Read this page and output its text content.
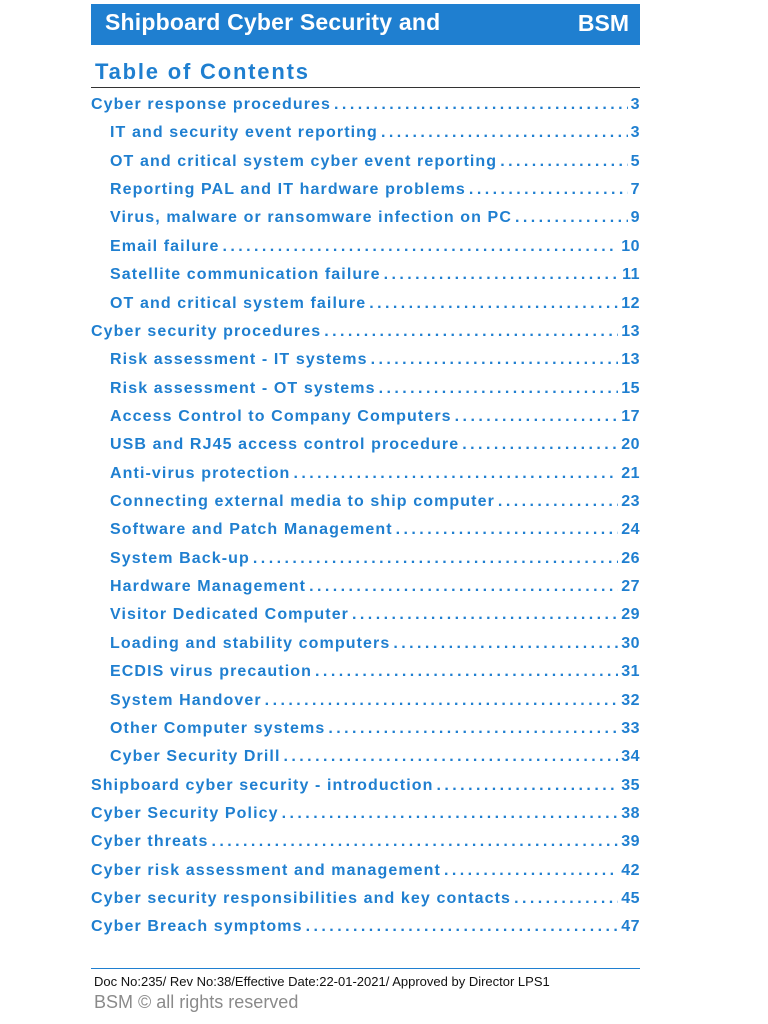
Shipboard Cyber Security and	BSM
Table of Contents
Cyber response procedures . . .	3
IT and security event reporting . . .	3
OT and critical system cyber event reporting . . .	5
Reporting PAL and IT hardware problems . . .	7
Virus, malware or ransomware infection on PC . . .	9
Email failure . . .	10
Satellite communication failure . . .	11
OT and critical system failure . . .	12
Cyber security procedures . . .	13
Risk assessment - IT systems . . .	13
Risk assessment - OT systems . . .	15
Access Control to Company Computers . . .	17
USB and RJ45 access control procedure . . .	20
Anti-virus protection . . .	21
Connecting external media to ship computer . . .	23
Software and Patch Management . . .	24
System Back-up . . .	26
Hardware Management . . .	27
Visitor Dedicated Computer . . .	29
Loading and stability computers . . .	30
ECDIS virus precaution . . .	31
System Handover . . .	32
Other Computer systems . . .	33
Cyber Security Drill . . .	34
Shipboard cyber security - introduction . . .	35
Cyber Security Policy . . .	38
Cyber threats . . .	39
Cyber risk assessment and management . . .	42
Cyber security responsibilities and key contacts . . .	45
Cyber Breach symptoms . . .	47
Doc No:235/ Rev No:38/Effective Date:22-01-2021/ Approved by Director LPS1
BSM © all rights reserved
